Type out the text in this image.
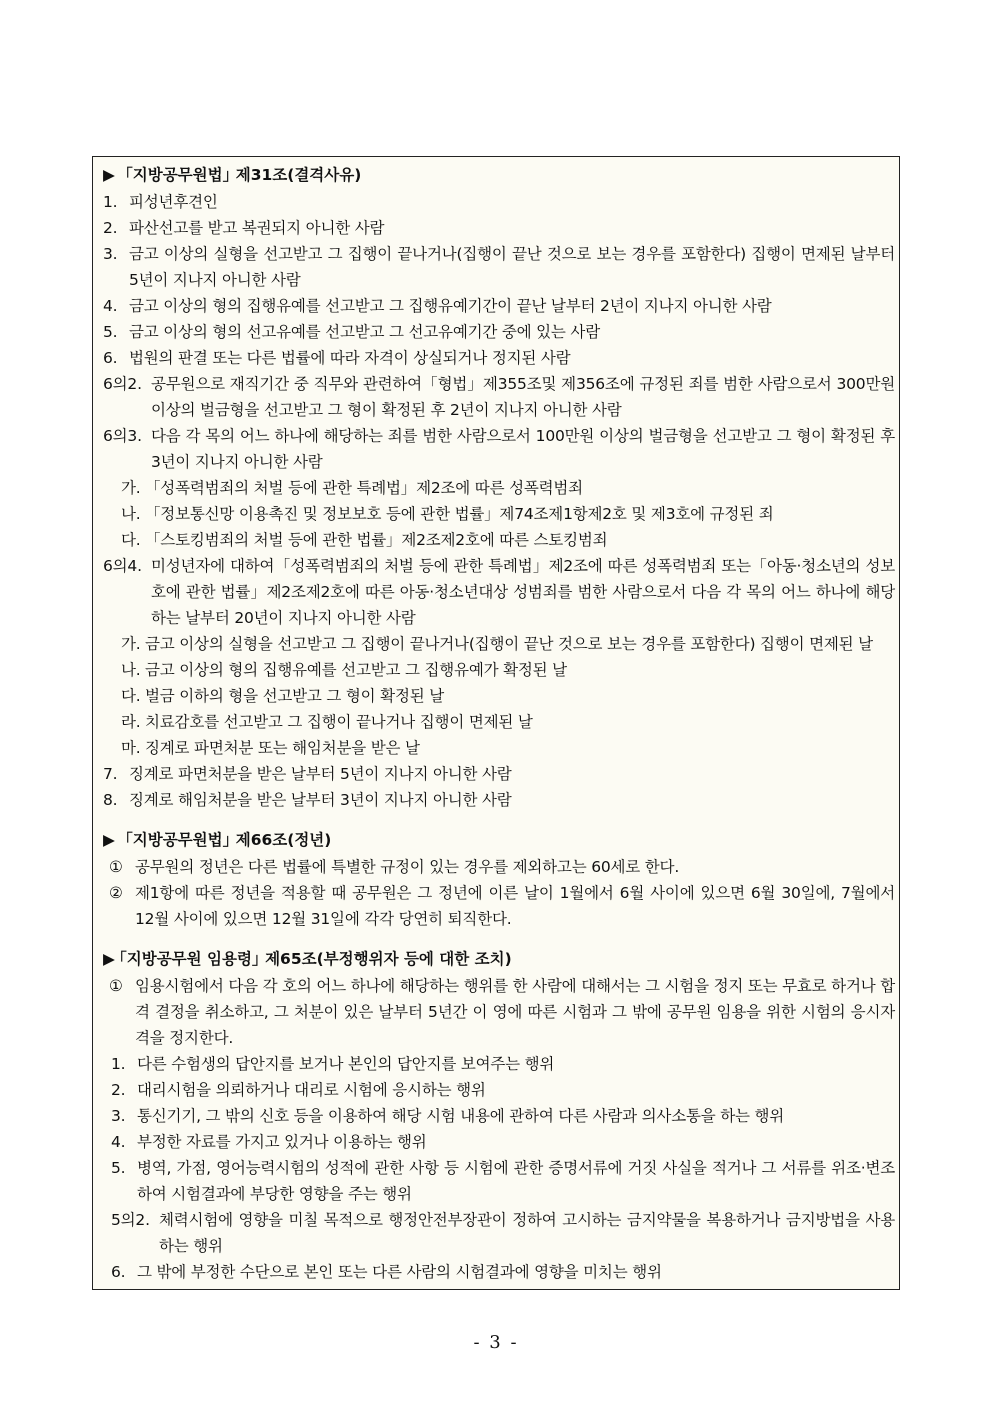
▶ ｢지방공무원법｣ 제31조(결격사유)
1. 피성년후견인
2. 파산선고를 받고 복권되지 아니한 사람
3. 금고 이상의 실형을 선고받고 그 집행이 끝나거나(집행이 끝난 것으로 보는 경우를 포함한다) 집행이 면제된 날부터 5년이 지나지 아니한 사람
4. 금고 이상의 형의 집행유예를 선고받고 그 집행유예기간이 끝난 날부터 2년이 지나지 아니한 사람
5. 금고 이상의 형의 선고유예를 선고받고 그 선고유예기간 중에 있는 사람
6. 법원의 판결 또는 다른 법률에 따라 자격이 상실되거나 정지된 사람
6의2. 공무원으로 재직기간 중 직무와 관련하여「형법」제355조및 제356조에 규정된 죄를 범한 사람으로서 300만원 이상의 벌금형을 선고받고 그 형이 확정된 후 2년이 지나지 아니한 사람
6의3. 다음 각 목의 어느 하나에 해당하는 죄를 범한 사람으로서 100만원 이상의 벌금형을 선고받고 그 형이 확정된 후 3년이 지나지 아니한 사람
가. 「성폭력범죄의 처벌 등에 관한 특례법」제2조에 따른 성폭력범죄
나. 「정보통신망 이용촉진 및 정보보호 등에 관한 법률」제74조제1항제2호 및 제3호에 규정된 죄
다. 「스토킹범죄의 처벌 등에 관한 법률」제2조제2호에 따른 스토킹범죄
6의4. 미성년자에 대하여「성폭력범죄의 처벌 등에 관한 특례법」제2조에 따른 성폭력범죄 또는「아동‧청소년의 성보호에 관한 법률」제2조제2호에 따른 아동‧청소년대상 성범죄를 범한 사람으로서 다음 각 목의 어느 하나에 해당하는 날부터 20년이 지나지 아니한 사람
가. 금고 이상의 실형을 선고받고 그 집행이 끝나거나(집행이 끝난 것으로 보는 경우를 포함한다) 집행이 면제된 날
나. 금고 이상의 형의 집행유예를 선고받고 그 집행유예가 확정된 날
다. 벌금 이하의 형을 선고받고 그 형이 확정된 날
라. 치료감호를 선고받고 그 집행이 끝나거나 집행이 면제된 날
마. 징계로 파면처분 또는 해임처분을 받은 날
7. 징계로 파면처분을 받은 날부터 5년이 지나지 아니한 사람
8. 징계로 해임처분을 받은 날부터 3년이 지나지 아니한 사람
▶ ｢지방공무원법｣ 제66조(정년)
① 공무원의 정년은 다른 법률에 특별한 규정이 있는 경우를 제외하고는 60세로 한다.
② 제1항에 따른 정년을 적용할 때 공무원은 그 정년에 이른 날이 1월에서 6월 사이에 있으면 6월 30일에, 7월에서 12월 사이에 있으면 12월 31일에 각각 당연히 퇴직한다.
▶ ｢지방공무원 임용령｣ 제65조(부정행위자 등에 대한 조치)
① 임용시험에서 다음 각 호의 어느 하나에 해당하는 행위를 한 사람에 대해서는 그 시험을 정지 또는 무효로 하거나 합격 결정을 취소하고, 그 처분이 있은 날부터 5년간 이 영에 따른 시험과 그 밖에 공무원 임용을 위한 시험의 응시자격을 정지한다.
1. 다른 수험생의 답안지를 보거나 본인의 답안지를 보여주는 행위
2. 대리시험을 의뢰하거나 대리로 시험에 응시하는 행위
3. 통신기기, 그 밖의 신호 등을 이용하여 해당 시험 내용에 관하여 다른 사람과 의사소통을 하는 행위
4. 부정한 자료를 가지고 있거나 이용하는 행위
5. 병역, 가점, 영어능력시험의 성적에 관한 사항 등 시험에 관한 증명서류에 거짓 사실을 적거나 그 서류를 위조‧변조하여 시험결과에 부당한 영향을 주는 행위
5의2. 체력시험에 영향을 미칠 목적으로 행정안전부장관이 정하여 고시하는 금지약물을 복용하거나 금지방법을 사용하는 행위
6. 그 밖에 부정한 수단으로 본인 또는 다른 사람의 시험결과에 영향을 미치는 행위
- 3 -
